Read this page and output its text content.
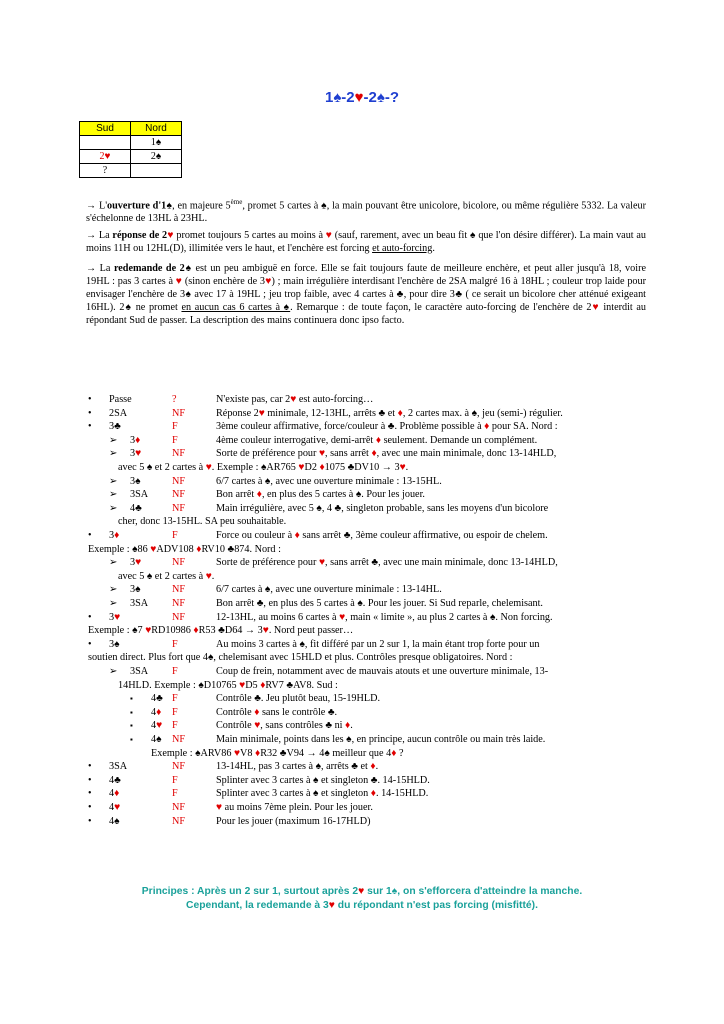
1♠-2♥-2♠-?
Sud	Nord
	1♠
2♥	2♠
?	
→ L'ouverture d'1♠, en majeure 5ème, promet 5 cartes à ♠, la main pouvant être unicolore, bicolore, ou même régulière 5332. La valeur s'échelonne de 13HL à 23HL.
→ La réponse de 2♥ promet toujours 5 cartes au moins à ♥ (sauf, rarement, avec un beau fit ♠ que l'on désire différer). La main vaut au moins 11H ou 12HL(D), illimitée vers le haut, et l'enchère est forcing et auto-forcing.
→ La redemande de 2♠ est un peu ambiguë en force. Elle se fait toujours faute de meilleure enchère, et peut aller jusqu'à 18, voire 19HL : pas 3 cartes à ♥ (sinon enchère de 3♥) ; main irrégulière interdisant l'enchère de 2SA malgré 16 à 18HL ; couleur trop laide pour envisager l'enchère de 3♠ avec 17 à 19HL ; jeu trop faible, avec 4 cartes à ♣, pour dire 3♣ ( ce serait un bicolore cher atténué exigeant 16HL). 2♠ ne promet en aucun cas 6 cartes à ♠. Remarque : de toute façon, le caractère auto-forcing de l'enchère de 2♥ interdit au répondant Sud de passer. La description des mains continuera donc ipso facto.
• Passe	?	N'existe pas, car 2♥ est auto-forcing…
• 2SA	NF	Réponse 2♥ minimale, 12-13HL, arrêts ♣ et ♦, 2 cartes max. à ♠, jeu (semi-) régulier.
• 3♣	F	3ème couleur affirmative, force/couleur à ♣. Problème possible à ♦ pour SA. Nord :
➢ 3♦	F	4ème couleur interrogative, demi-arrêt ♦ seulement. Demande un complément.
➢ 3♥	NF	Sorte de préférence pour ♥, sans arrêt ♦, avec une main minimale, donc 13-14HLD,
avec 5 ♠ et 2 cartes à ♥. Exemple : ♠AR765 ♥D2 ♦1075 ♣DV10 → 3♥.
➢ 3♠	NF	6/7 cartes à ♠, avec une ouverture minimale : 13-15HL.
➢ 3SA NF	Bon arrêt ♦, en plus des 5 cartes à ♠. Pour les jouer.
➢ 4♣	NF	Main irrégulière, avec 5 ♠, 4 ♣, singleton probable, sans les moyens d'un bicolore
cher, donc 13-15HL. SA peu souhaitable.
• 3♦	F	Force ou couleur à ♦ sans arrêt ♣, 3ème couleur affirmative, ou espoir de chelem.
Exemple : ♠86 ♥ADV108 ♦RV10 ♣874. Nord :
➢ 3♥	NF	Sorte de préférence pour ♥, sans arrêt ♣, avec une main minimale, donc 13-14HLD,
avec 5 ♠ et 2 cartes à ♥.
➢ 3♠	NF	6/7 cartes à ♠, avec une ouverture minimale : 13-14HL.
➢ 3SA NF	Bon arrêt ♣, en plus des 5 cartes à ♠. Pour les jouer. Si Sud reparle, chelemisant.
• 3♥	NF	12-13HL, au moins 6 cartes à ♥, main « limite », au plus 2 cartes à ♠. Non forcing.
Exemple : ♠7 ♥RD10986 ♦R53 ♣D64 → 3♥. Nord peut passer…
• 3♠	F	Au moins 3 cartes à ♠, fit différé par un 2 sur 1, la main étant trop forte pour un
soutien direct. Plus fort que 4♠, chelemisant avec 15HLD et plus. Contrôles presque obligatoires. Nord :
➢ 3SA F	Coup de frein, notamment avec de mauvais atouts et une ouverture minimale, 13-
14HLD. Exemple : ♠D10765 ♥D5 ♦RV7 ♣AV8. Sud :
▪ 4♣ F	Contrôle ♣. Jeu plutôt beau, 15-19HLD.
▪ 4♦ F	Contrôle ♦ sans le contrôle ♣.
▪ 4♥ F	Contrôle ♥, sans contrôles ♣ ni ♦.
▪ 4♠ NF	Main minimale, points dans les ♠, en principe, aucun contrôle ou main très laide.
Exemple : ♠ARV86 ♥V8 ♦R32 ♣V94 → 4♠ meilleur que 4♦ ?
• 3SA	NF	13-14HL, pas 3 cartes à ♠, arrêts ♣ et ♦.
• 4♣	F	Splinter avec 3 cartes à ♠ et singleton ♣. 14-15HLD.
• 4♦	F	Splinter avec 3 cartes à ♠ et singleton ♦. 14-15HLD.
• 4♥	NF	♥ au moins 7ème plein. Pour les jouer.
• 4♠	NF	Pour les jouer (maximum 16-17HLD)
Principes : Après un 2 sur 1, surtout après 2♥ sur 1♠, on s'efforcera d'atteindre la manche.
Cependant, la redemande à 3♥ du répondant n'est pas forcing (misfitté).
